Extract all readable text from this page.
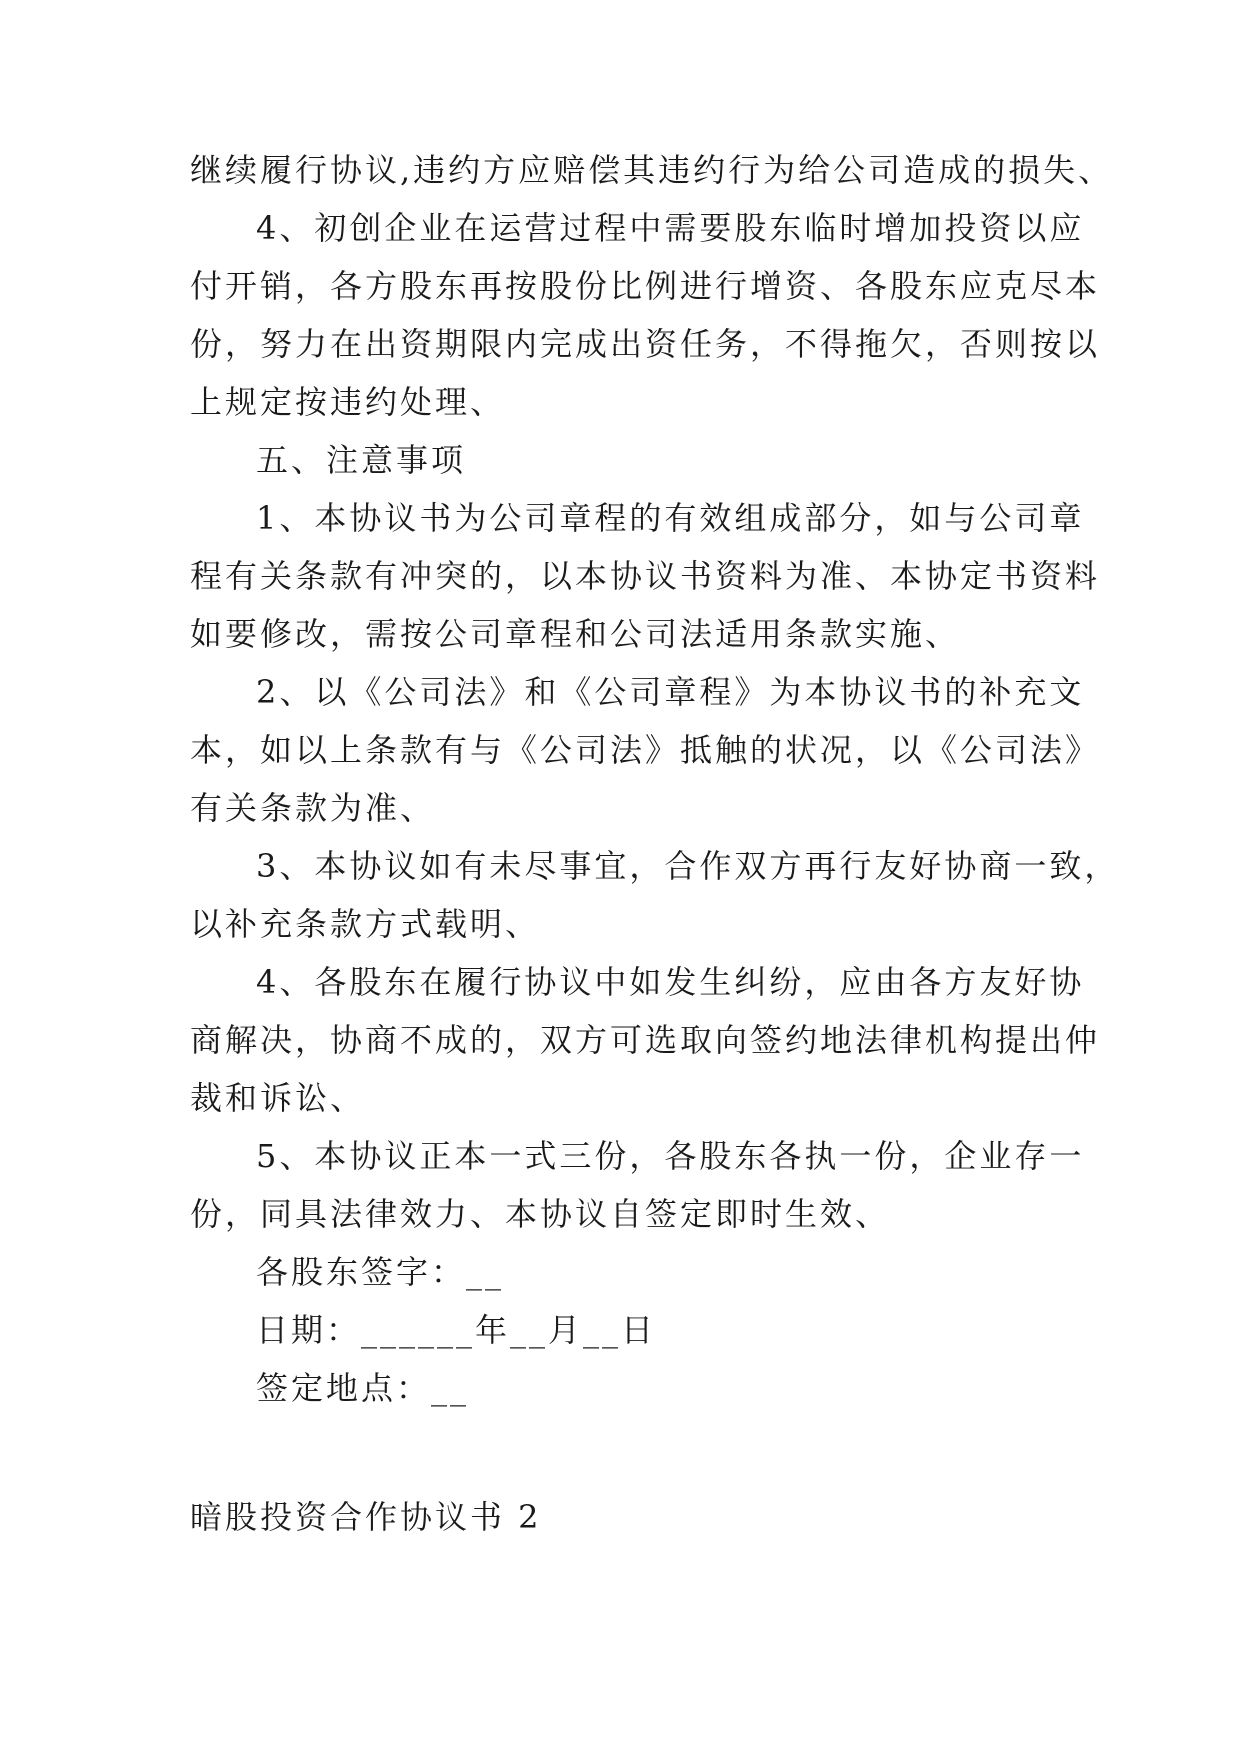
继续履行协议,违约方应赔偿其违约行为给公司造成的损失、
4、初创企业在运营过程中需要股东临时增加投资以应
付开销，各方股东再按股份比例进行增资、各股东应克尽本
份，努力在出资期限内完成出资任务，不得拖欠，否则按以
上规定按违约处理、
五、注意事项
1、本协议书为公司章程的有效组成部分，如与公司章
程有关条款有冲突的，以本协议书资料为准、本协定书资料
如要修改，需按公司章程和公司法适用条款实施、
2、以《公司法》和《公司章程》为本协议书的补充文
本，如以上条款有与《公司法》抵触的状况，以《公司法》
有关条款为准、
3、本协议如有未尽事宜，合作双方再行友好协商一致，
以补充条款方式载明、
4、各股东在履行协议中如发生纠纷，应由各方友好协
商解决，协商不成的，双方可选取向签约地法律机构提出仲
裁和诉讼、
5、本协议正本一式三份，各股东各执一份，企业存一
份，同具法律效力、本协议自签定即时生效、
各股东签字：__
日期：______年__月__日
签定地点：__
暗股投资合作协议书 2
